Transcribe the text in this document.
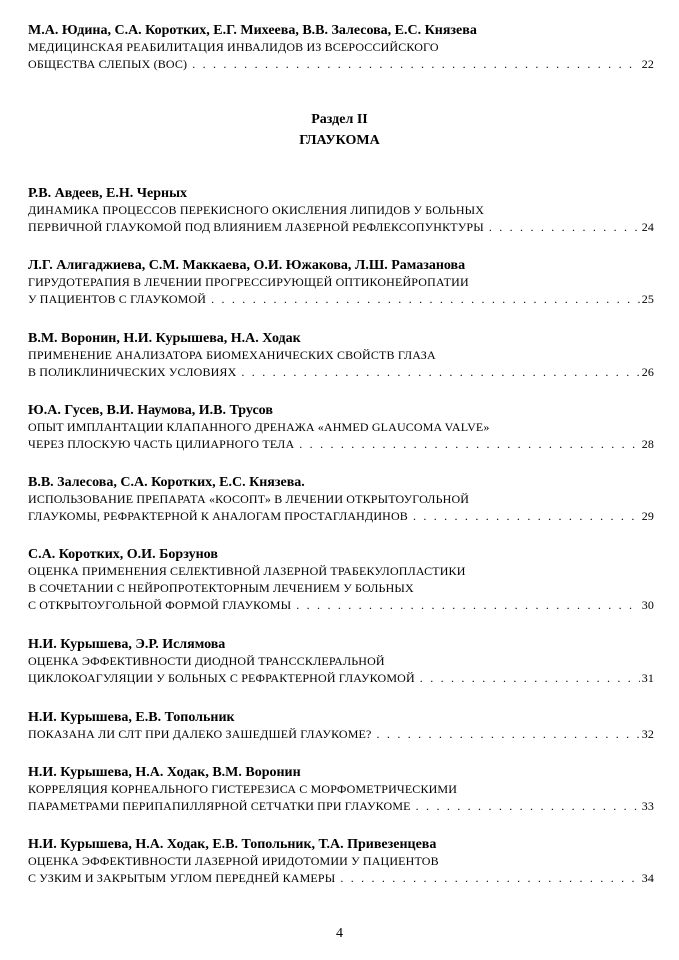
М.А. Юдина, С.А. Коротких, Е.Г. Михеева, В.В. Залесова, Е.С. Князева
МЕДИЦИНСКАЯ РЕАБИЛИТАЦИЯ ИНВАЛИДОВ ИЗ ВСЕРОССИЙСКОГО
ОБЩЕСТВА СЛЕПЫХ (ВОС) . . .	22
Раздел II
ГЛАУКОМА
Р.В. Авдеев, Е.Н. Черных
ДИНАМИКА ПРОЦЕССОВ ПЕРЕКИСНОГО ОКИСЛЕНИЯ ЛИПИДОВ У БОЛЬНЫХ
ПЕРВИЧНОЙ ГЛАУКОМОЙ ПОД ВЛИЯНИЕМ ЛАЗЕРНОЙ РЕФЛЕКСОПУНКТУРЫ . . .	24
Л.Г. Алигаджиева, С.М. Маккаева, О.И. Южакова, Л.Ш. Рамазанова
ГИРУДОТЕРАПИЯ В ЛЕЧЕНИИ ПРОГРЕССИРУЮЩЕЙ ОПТИКОНЕЙРОПАТИИ
У ПАЦИЕНТОВ С ГЛАУКОМОЙ . . .	25
В.М. Воронин, Н.И. Курышева, Н.А. Ходак
ПРИМЕНЕНИЕ АНАЛИЗАТОРА БИОМЕХАНИЧЕСКИХ СВОЙСТВ ГЛАЗА
В ПОЛИКЛИНИЧЕСКИХ УСЛОВИЯХ . . .	26
Ю.А. Гусев, В.И. Наумова, И.В. Трусов
ОПЫТ ИМПЛАНТАЦИИ КЛАПАННОГО ДРЕНАЖА «AHMED GLAUCOMA VALVE»
ЧЕРЕЗ ПЛОСКУЮ ЧАСТЬ ЦИЛИАРНОГО ТЕЛА . . .	28
В.В. Залесова, С.А. Коротких, Е.С. Князева.
ИСПОЛЬЗОВАНИЕ ПРЕПАРАТА «КОСОПТ» В ЛЕЧЕНИИ ОТКРЫТОУГОЛЬНОЙ
ГЛАУКОМЫ, РЕФРАКТЕРНОЙ К АНАЛОГАМ ПРОСТАГЛАНДИНОВ . . .	29
С.А. Коротких, О.И. Борзунов
ОЦЕНКА ПРИМЕНЕНИЯ СЕЛЕКТИВНОЙ ЛАЗЕРНОЙ ТРАБЕКУЛОПЛАСТИКИ
В СОЧЕТАНИИ С НЕЙРОПРОТЕКТОРНЫМ ЛЕЧЕНИЕМ У БОЛЬНЫХ
С ОТКРЫТОУГОЛЬНОЙ ФОРМОЙ ГЛАУКОМЫ . . .	30
Н.И. Курышева, Э.Р. Ислямова
ОЦЕНКА ЭФФЕКТИВНОСТИ ДИОДНОЙ ТРАНССКЛЕРАЛЬНОЙ
ЦИКЛОКОАГУЛЯЦИИ У БОЛЬНЫХ С РЕФРАКТЕРНОЙ ГЛАУКОМОЙ . . .	31
Н.И. Курышева, Е.В. Топольник
ПОКАЗАНА ЛИ СЛТ ПРИ ДАЛЕКО ЗАШЕДШЕЙ ГЛАУКОМЕ? . . .	32
Н.И. Курышева, Н.А. Ходак, В.М. Воронин
КОРРЕЛЯЦИЯ КОРНЕАЛЬНОГО ГИСТЕРЕЗИСА С МОРФОМЕТРИЧЕСКИМИ
ПАРАМЕТРАМИ ПЕРИПАПИЛЛЯРНОЙ СЕТЧАТКИ ПРИ ГЛАУКОМЕ . . .	33
Н.И. Курышева, Н.А. Ходак, Е.В. Топольник, Т.А. Привезенцева
ОЦЕНКА ЭФФЕКТИВНОСТИ ЛАЗЕРНОЙ ИРИДОТОМИИ У ПАЦИЕНТОВ
С УЗКИМ И ЗАКРЫТЫМ УГЛОМ ПЕРЕДНЕЙ КАМЕРЫ . . .	34
4
